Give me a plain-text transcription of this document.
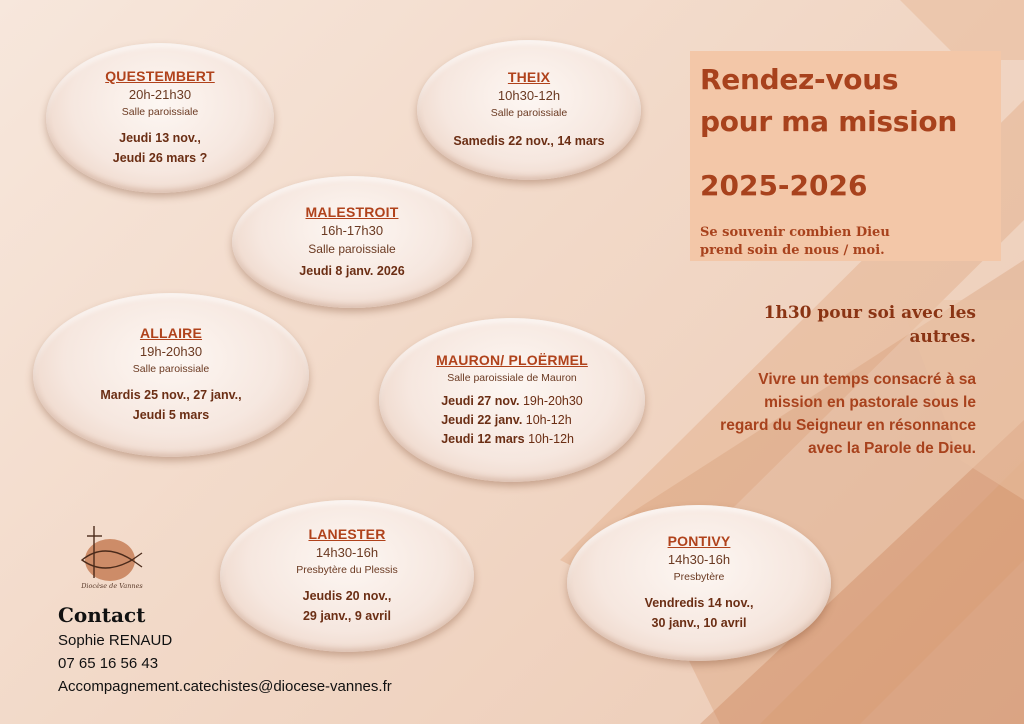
QUESTEMBERT
20h-21h30
Salle paroissiale
Jeudi 13 nov.,
Jeudi 26 mars ?
THEIX
10h30-12h
Salle paroissiale
Samedis 22 nov., 14 mars
MALESTROIT
16h-17h30
Salle paroissiale
Jeudi 8 janv. 2026
ALLAIRE
19h-20h30
Salle paroissiale
Mardis 25 nov., 27 janv.,
Jeudi 5 mars
MAURON/ PLOËRMEL
Salle paroissiale de Mauron
Jeudi 27 nov. 19h-20h30
Jeudi 22 janv. 10h-12h
Jeudi 12 mars 10h-12h
LANESTER
14h30-16h
Presbytère du Plessis
Jeudis 20 nov.,
29 janv., 9 avril
PONTIVY
14h30-16h
Presbytère
Vendredis 14 nov.,
30 janv., 10 avril
Rendez-vous
pour ma mission
2025-2026
Se souvenir combien Dieu
prend soin de nous / moi.
1h30 pour soi avec les
autres.
Vivre un temps consacré à sa
mission en pastorale sous le
regard du Seigneur en résonnance
avec la Parole de Dieu.
Diocèse de Vannes
Contact
Sophie RENAUD
07 65 16 56 43
Accompagnement.catechistes@diocese-vannes.fr
